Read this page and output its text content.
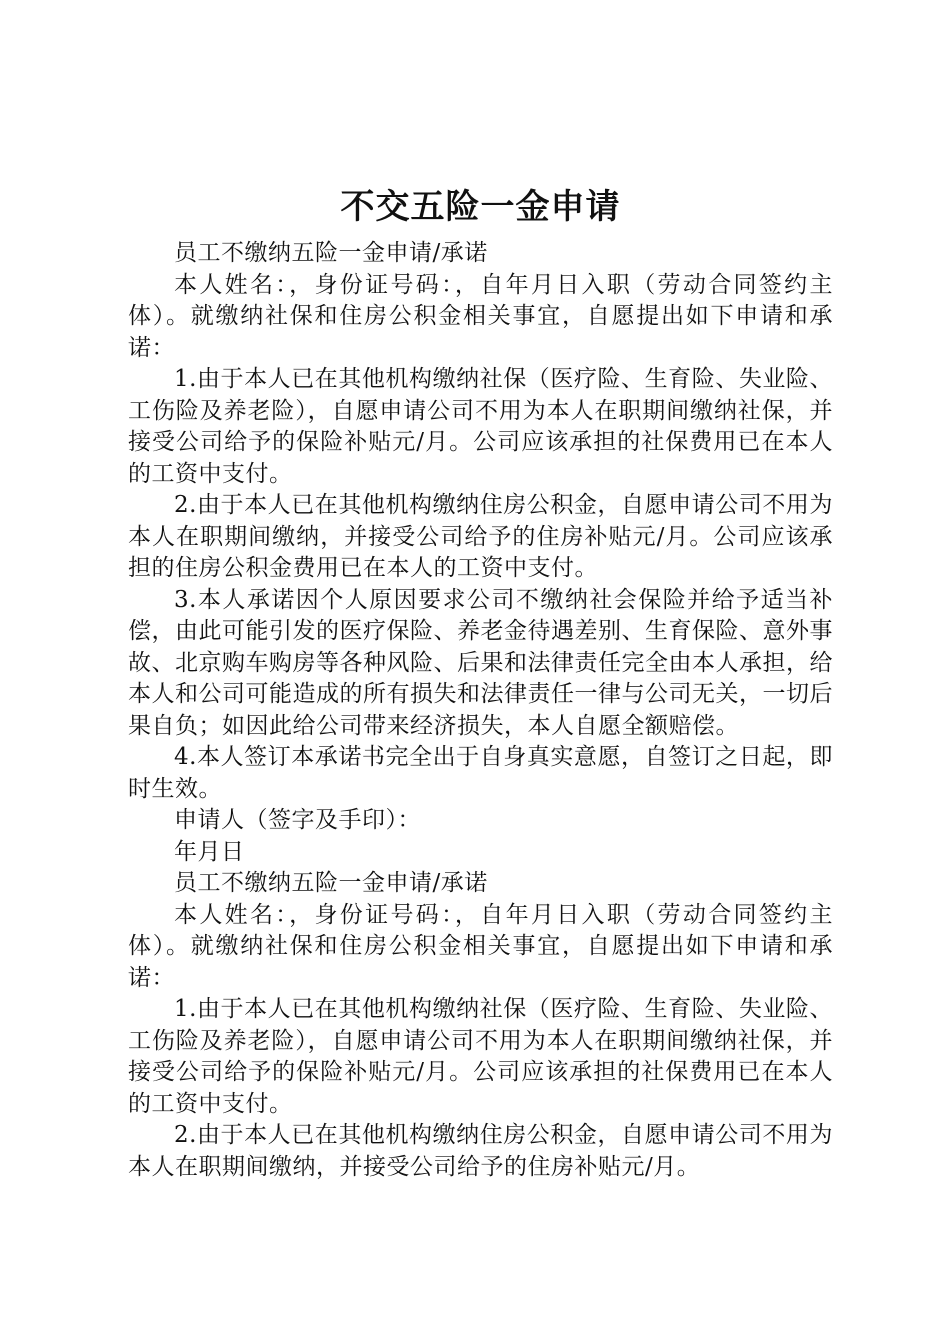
不交五险一金申请

员工不缴纳五险一金申请/承诺

本人姓名：，身份证号码：，自年月日入职（劳动合同签约主体）。就缴纳社保和住房公积金相关事宜，自愿提出如下申请和承诺：

1.由于本人已在其他机构缴纳社保（医疗险、生育险、失业险、工伤险及养老险），自愿申请公司不用为本人在职期间缴纳社保，并接受公司给予的保险补贴元/月。公司应该承担的社保费用已在本人的工资中支付。

2.由于本人已在其他机构缴纳住房公积金，自愿申请公司不用为本人在职期间缴纳，并接受公司给予的住房补贴元/月。公司应该承担的住房公积金费用已在本人的工资中支付。

3.本人承诺因个人原因要求公司不缴纳社会保险并给予适当补偿，由此可能引发的医疗保险、养老金待遇差别、生育保险、意外事故、北京购车购房等各种风险、后果和法律责任完全由本人承担，给本人和公司可能造成的所有损失和法律责任一律与公司无关，一切后果自负；如因此给公司带来经济损失，本人自愿全额赔偿。

4.本人签订本承诺书完全出于自身真实意愿，自签订之日起，即时生效。

申请人（签字及手印）：

年月日

员工不缴纳五险一金申请/承诺

本人姓名：，身份证号码：，自年月日入职（劳动合同签约主体）。就缴纳社保和住房公积金相关事宜，自愿提出如下申请和承诺：

1.由于本人已在其他机构缴纳社保（医疗险、生育险、失业险、工伤险及养老险），自愿申请公司不用为本人在职期间缴纳社保，并接受公司给予的保险补贴元/月。公司应该承担的社保费用已在本人的工资中支付。

2.由于本人已在其他机构缴纳住房公积金，自愿申请公司不用为本人在职期间缴纳，并接受公司给予的住房补贴元/月。
